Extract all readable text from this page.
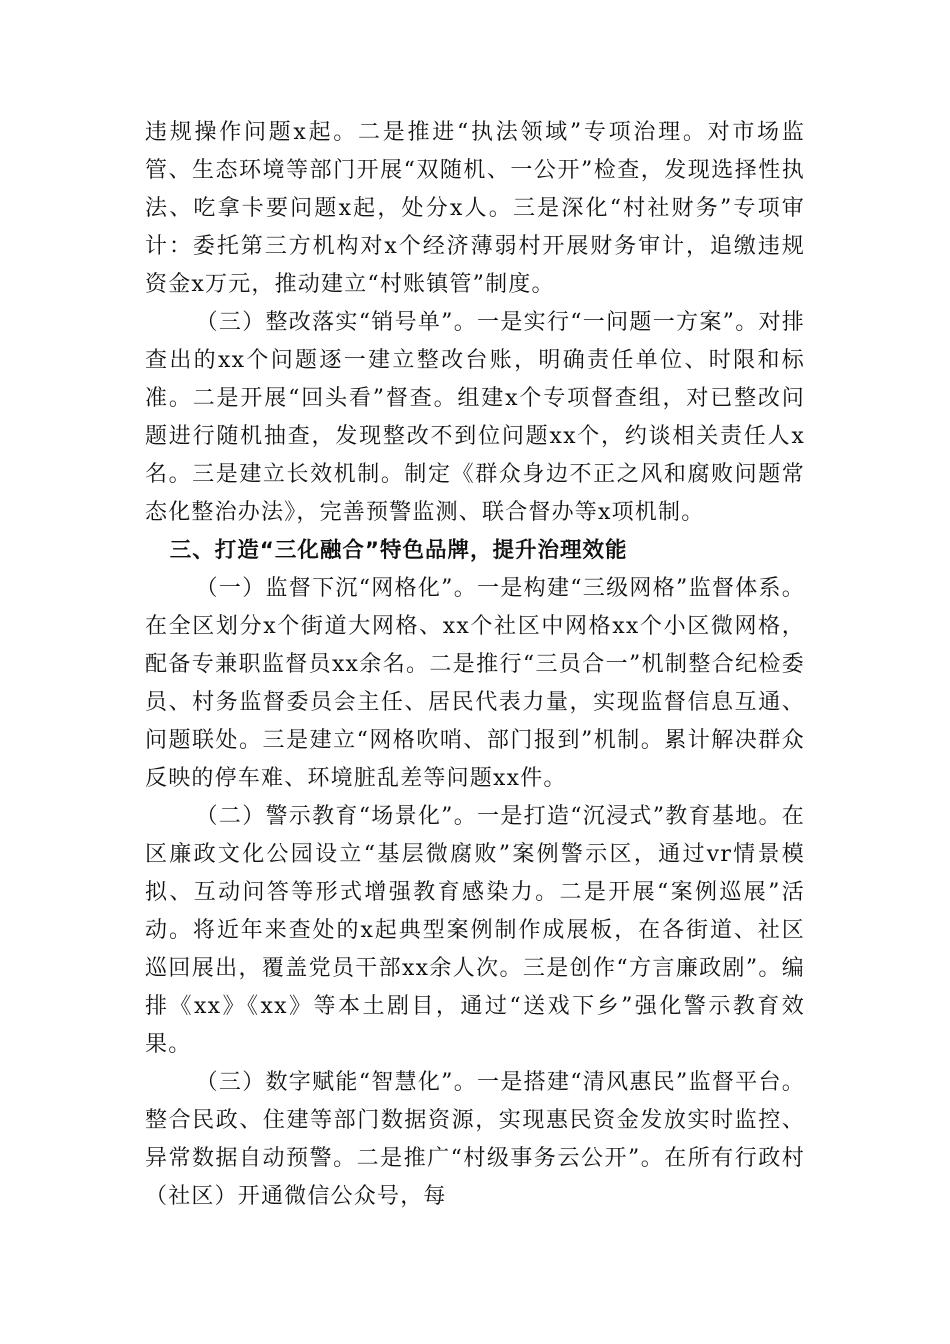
违规操作问题x起。二是推进“执法领域”专项治理。对市场监管、生态环境等部门开展“双随机、一公开”检查，发现选择性执法、吃拿卡要问题x起，处分x人。三是深化“村社财务”专项审计：委托第三方机构对x个经济薄弱村开展财务审计，追缴违规资金x万元，推动建立“村账镇管”制度。

（三）整改落实“销号单”。一是实行“一问题一方案”。对排查出的xx个问题逐一建立整改台账，明确责任单位、时限和标准。二是开展“回头看”督查。组建x个专项督查组，对已整改问题进行随机抽查，发现整改不到位问题xx个，约谈相关责任人x名。三是建立长效机制。制定《群众身边不正之风和腐败问题常态化整治办法》，完善预警监测、联合督办等x项机制。

三、打造“三化融合”特色品牌，提升治理效能

（一）监督下沉“网格化”。一是构建“三级网格”监督体系。在全区划分x个街道大网格、xx个社区中网格xx个小区微网格，配备专兼职监督员xx余名。二是推行“三员合一”机制整合纪检委员、村务监督委员会主任、居民代表力量，实现监督信息互通、问题联处。三是建立“网格吹哨、部门报到”机制。累计解决群众反映的停车难、环境脏乱差等问题xx件。

（二）警示教育“场景化”。一是打造“沉浸式”教育基地。在区廉政文化公园设立“基层微腐败”案例警示区，通过vr情景模拟、互动问答等形式增强教育感染力。二是开展“案例巡展”活动。将近年来查处的x起典型案例制作成展板，在各街道、社区巡回展出，覆盖党员干部xx余人次。三是创作“方言廉政剧”。编排《xx》《xx》等本土剧目，通过“送戏下乡”强化警示教育效果。

（三）数字赋能“智慧化”。一是搭建“清风惠民”监督平台。整合民政、住建等部门数据资源，实现惠民资金发放实时监控、异常数据自动预警。二是推广“村级事务云公开”。在所有行政村（社区）开通微信公众号，每
